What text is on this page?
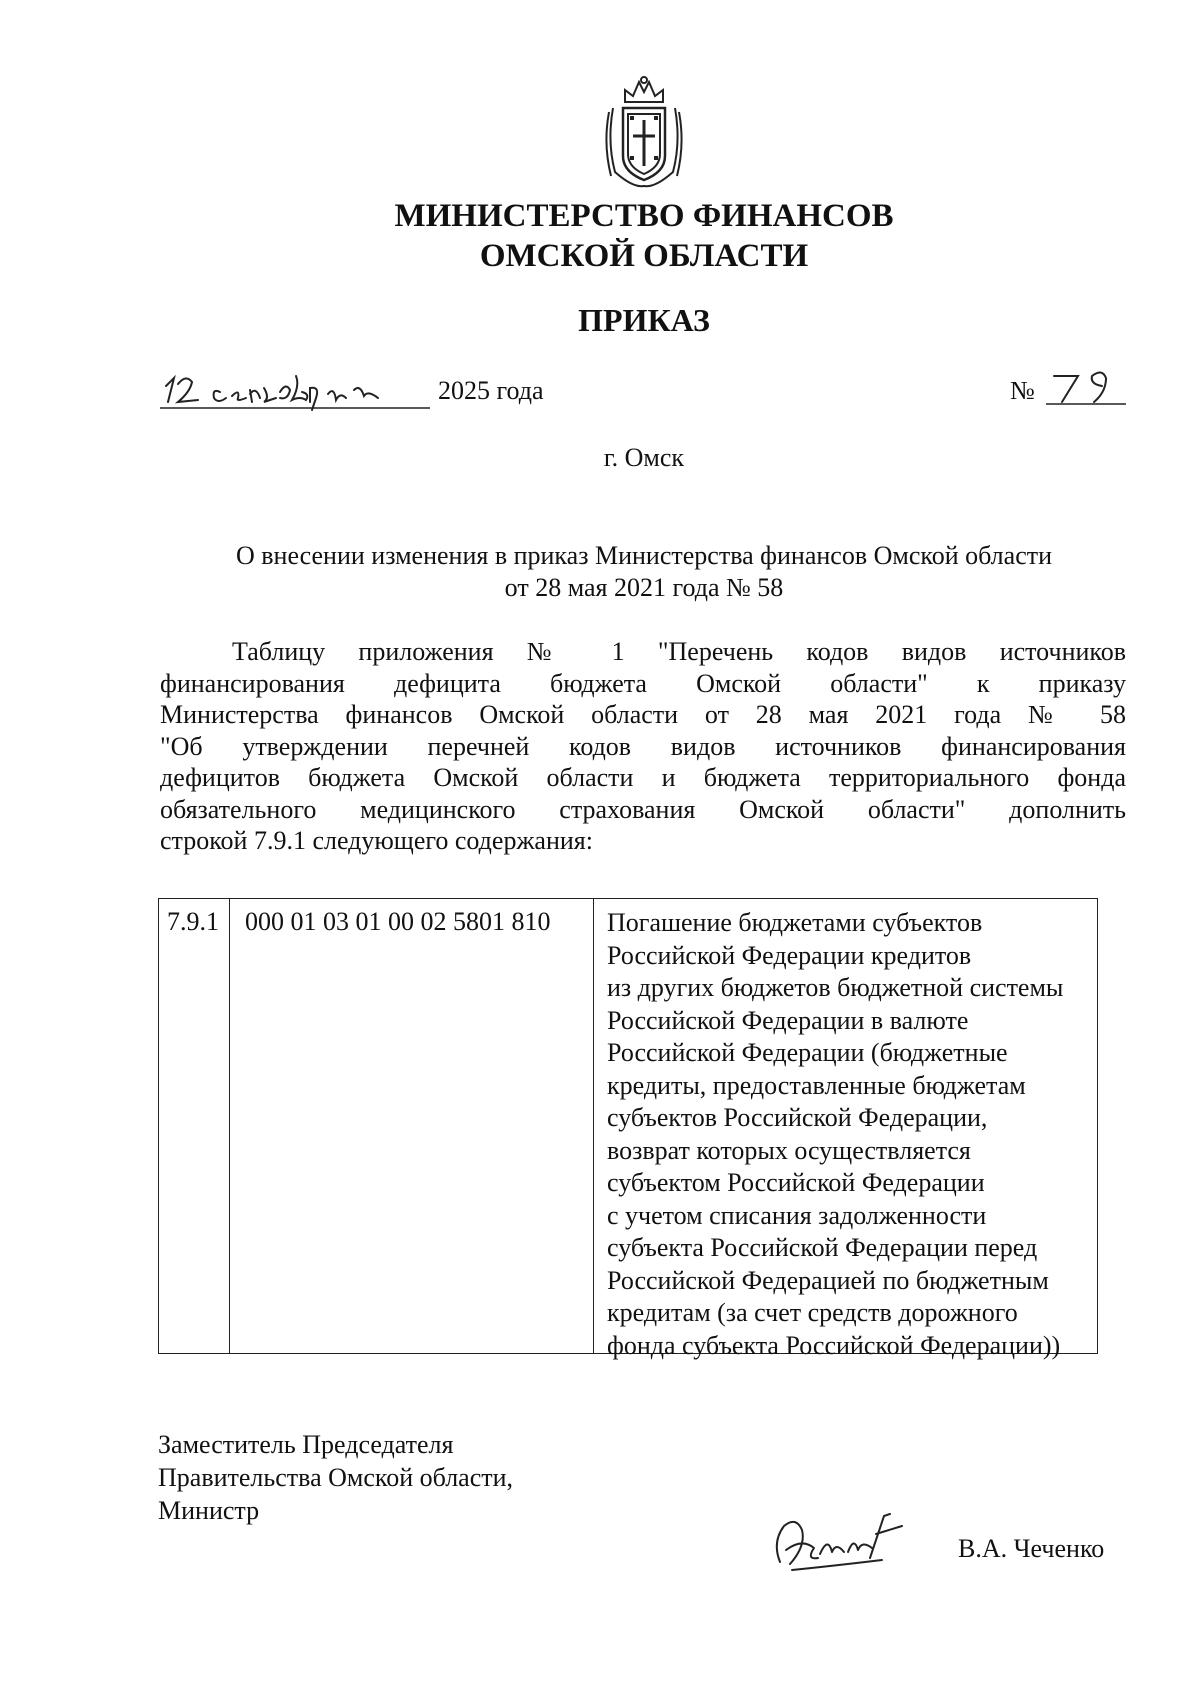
МИНИСТЕРСТВО ФИНАНСОВ
ОМСКОЙ ОБЛАСТИ
ПРИКАЗ
2025 года	№
г. Омск
О внесении изменения в приказ Министерства финансов Омской области
от 28 мая 2021 года № 58
Таблицу приложения № 1 "Перечень кодов видов источников
финансирования дефицита бюджета Омской области" к приказу
Министерства финансов Омской области от 28 мая 2021 года № 58
"Об утверждении перечней кодов видов источников финансирования
дефицитов бюджета Омской области и бюджета территориального фонда
обязательного медицинского страхования Омской области" дополнить
строкой 7.9.1 следующего содержания:
7.9.1 000 01 03 01 00 02 5801 810 Погашение бюджетами субъектов
Российской Федерации кредитов
из других бюджетов бюджетной системы
Российской Федерации в валюте
Российской Федерации (бюджетные
кредиты, предоставленные бюджетам
субъектов Российской Федерации,
возврат которых осуществляется
субъектом Российской Федерации
с учетом списания задолженности
субъекта Российской Федерации перед
Российской Федерацией по бюджетным
кредитам (за счет средств дорожного
фонда субъекта Российской Федерации))
Заместитель Председателя
Правительства Омской области,
Министр
В.А. Чеченко
